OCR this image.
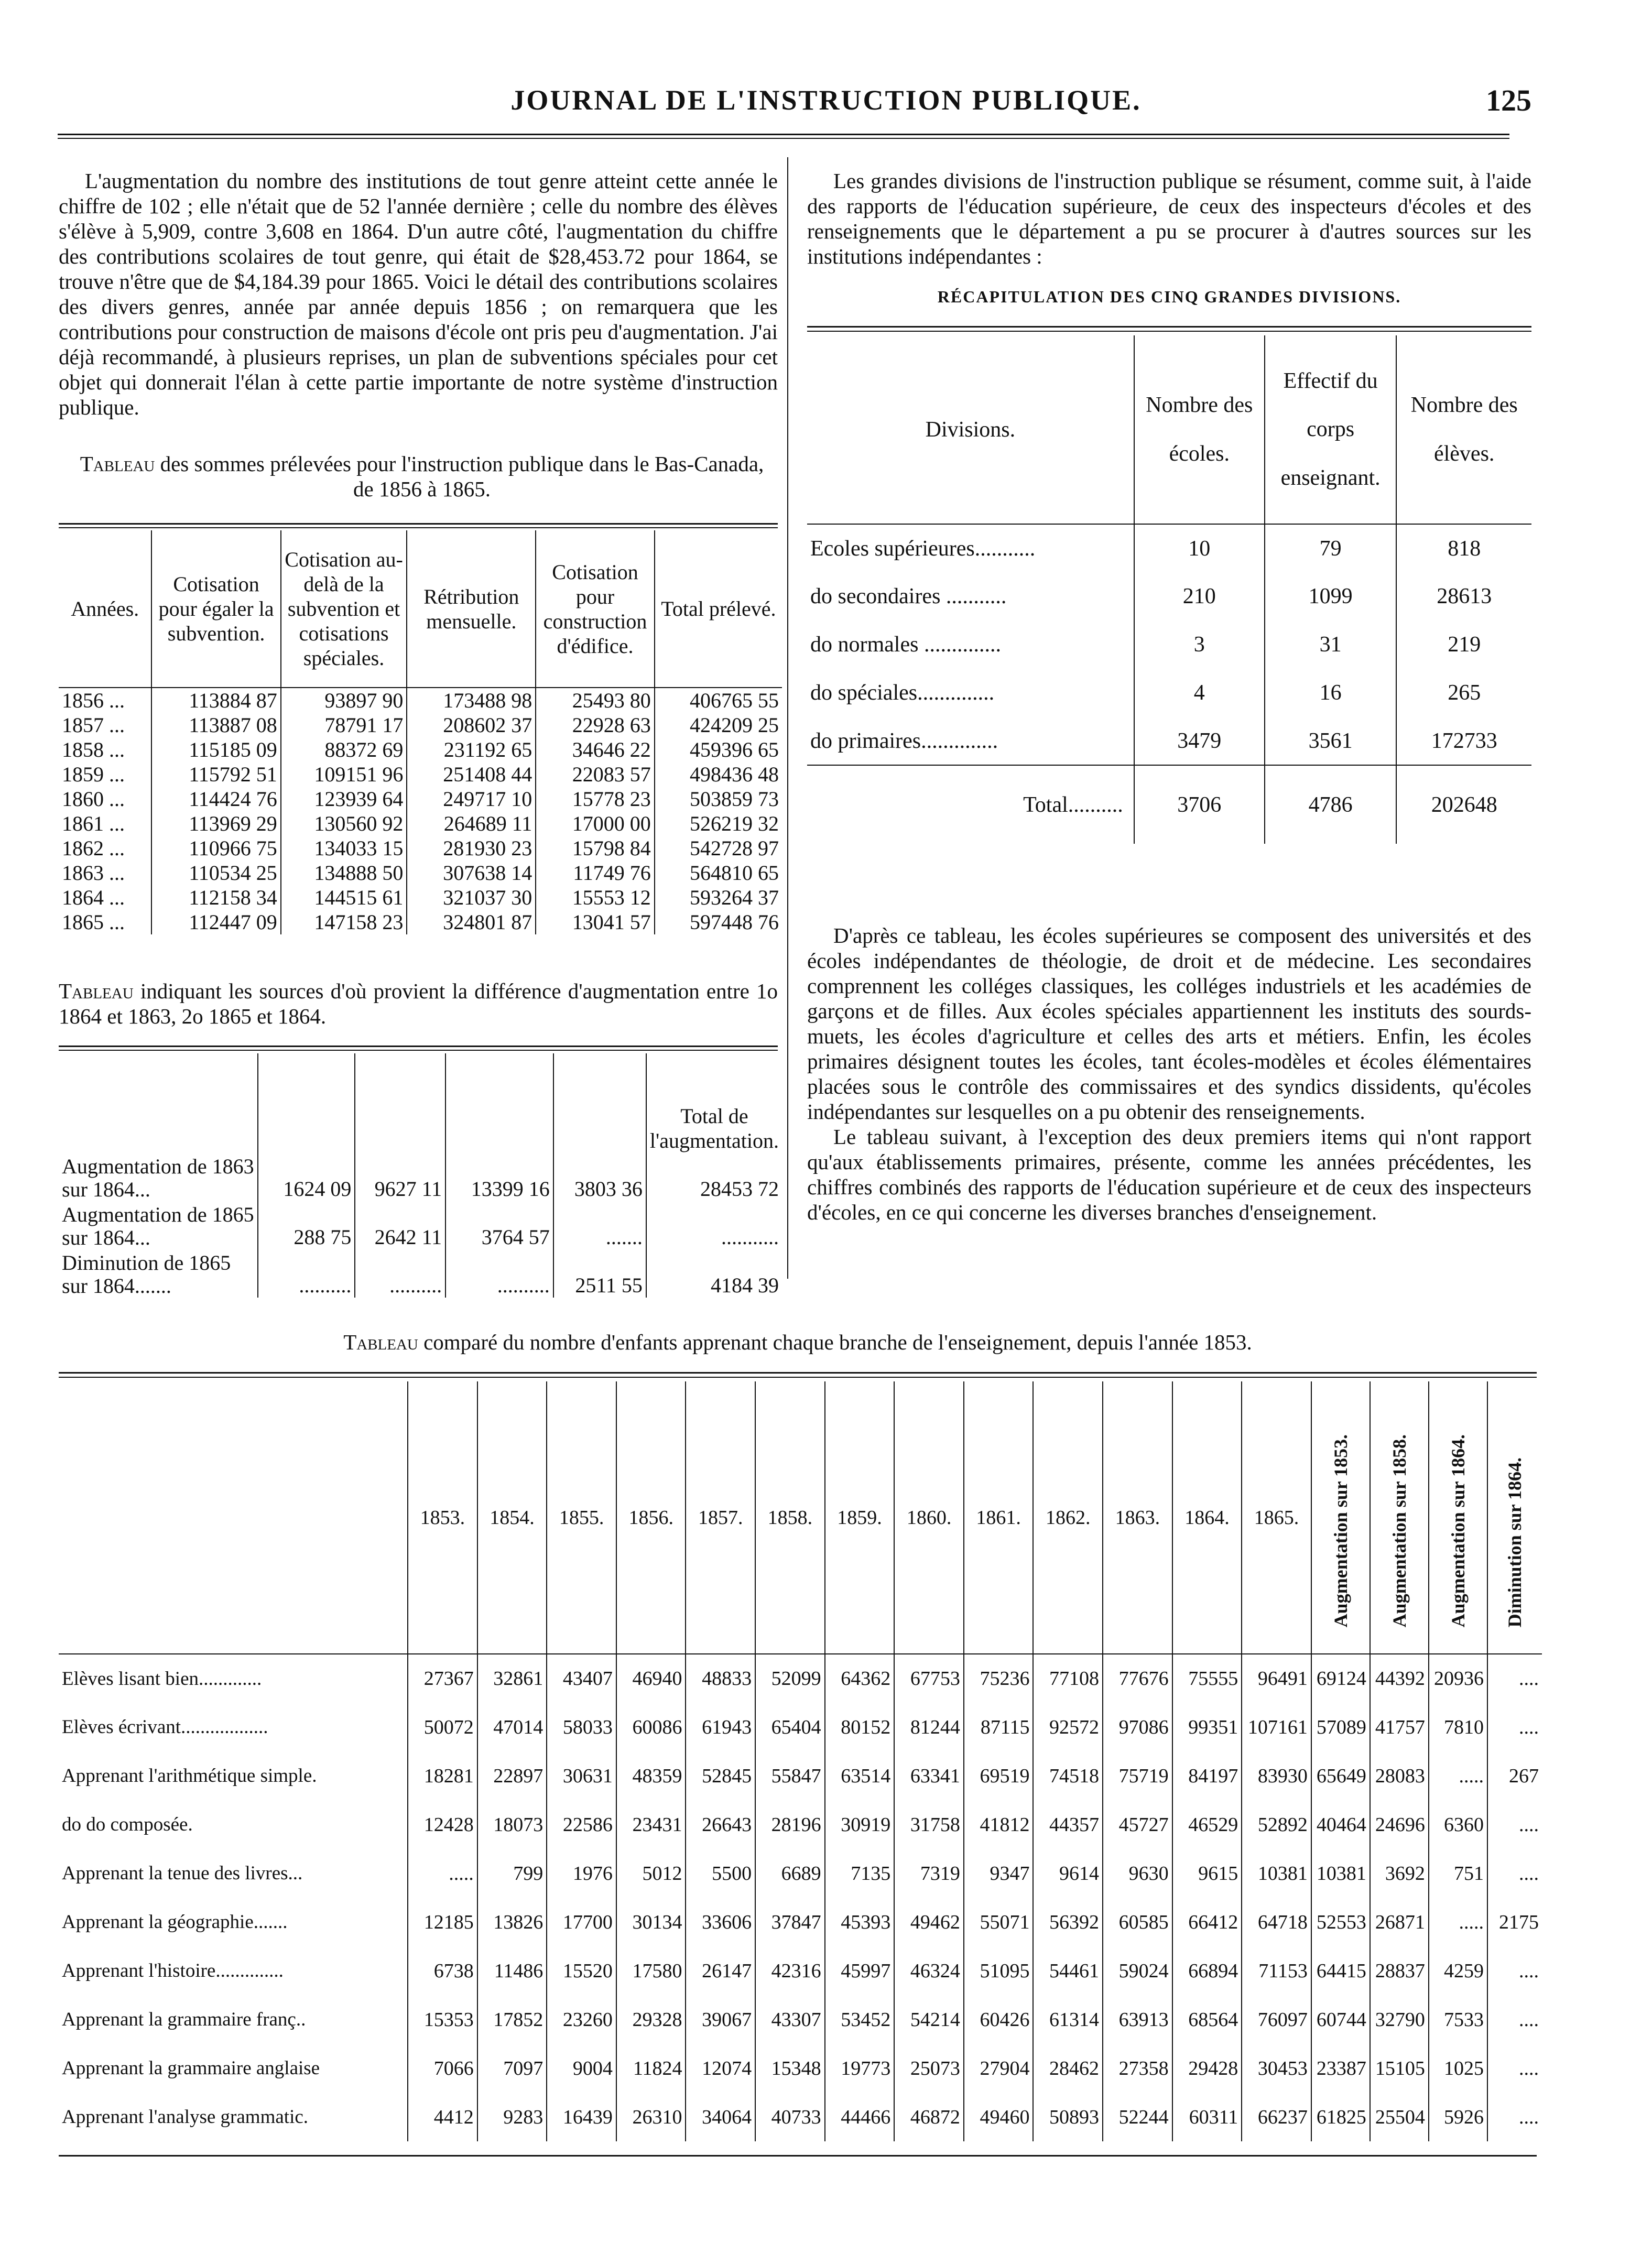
JOURNAL DE L'INSTRUCTION PUBLIQUE.	125

L'augmentation du nombre des institutions de tout genre atteint cette année le chiffre de 102 ; elle n'était que de 52 l'année dernière ; celle du nombre des élèves s'élève à 5,909, contre 3,608 en 1864. D'un autre côté, l'augmentation du chiffre des contributions scolaires de tout genre, qui était de $28,453.72 pour 1864, se trouve n'être que de $4,184.39 pour 1865. Voici le détail des contributions scolaires des divers genres, année par année depuis 1856 ; on remarquera que les contributions pour construction de maisons d'école ont pris peu d'augmentation. J'ai déjà recommandé, à plusieurs reprises, un plan de subventions spéciales pour cet objet qui donnerait l'élan à cette partie importante de notre système d'instruction publique.

Tableau des sommes prélevées pour l'instruction publique dans le Bas-Canada, de 1856 à 1865.
Années.	Cotisation pour égaler la subvention.	Cotisation au-delà de la subvention et cotisations spéciales.	Rétribution mensuelle.	Cotisation pour construction d'édifice.	Total prélevé.
1856 ...	113884 87	93897 90	173488 98	25493 80	406765 55
1857 ...	113887 08	78791 17	208602 37	22928 63	424209 25
1858 ...	115185 09	88372 69	231192 65	34646 22	459396 65
1859 ...	115792 51	109151 96	251408 44	22083 57	498436 48
1860 ...	114424 76	123939 64	249717 10	15778 23	503859 73
1861 ...	113969 29	130560 92	264689 11	17000 00	526219 32
1862 ...	110966 75	134033 15	281930 23	15798 84	542728 97
1863 ...	110534 25	134888 50	307638 14	11749 76	564810 65
1864 ...	112158 34	144515 61	321037 30	15553 12	593264 37
1865 ...	112447 09	147158 23	324801 87	13041 57	597448 76
Tableau indiquant les sources d'où provient la différence d'augmentation entre 1o 1864 et 1863, 2o 1865 et 1864.
					Total de l'augmentation.
Augmentation de 1863 sur 1864...	1624 09	9627 11	13399 16	3803 36	28453 72
Augmentation de 1865 sur 1864...	288 75	2642 11	3764 57	.......	...........
Diminution de 1865 sur 1864.......	..........	..........	..........	2511 55	4184 39

Les grandes divisions de l'instruction publique se résument, comme suit, à l'aide des rapports de l'éducation supérieure, de ceux des inspecteurs d'écoles et des renseignements que le département a pu se procurer à d'autres sources sur les institutions indépendantes :

RÉCAPITULATION DES CINQ GRANDES DIVISIONS.
Divisions.	Nombre des écoles.	Effectif du corps enseignant.	Nombre des élèves.
Ecoles supérieures...........	10	79	818
do secondaires ...........	210	1099	28613
do normales ..............	3	31	219
do spéciales..............	4	16	265
do primaires..............	3479	3561	172733
Total..........	3706	4786	202648

D'après ce tableau, les écoles supérieures se composent des universités et des écoles indépendantes de théologie, de droit et de médecine. Les secondaires comprennent les colléges classiques, les colléges industriels et les académies de garçons et de filles. Aux écoles spéciales appartiennent les instituts des sourds-muets, les écoles d'agriculture et celles des arts et métiers. Enfin, les écoles primaires désignent toutes les écoles, tant écoles-modèles et écoles élémentaires placées sous le contrôle des commissaires et des syndics dissidents, qu'écoles indépendantes sur lesquelles on a pu obtenir des renseignements.

Le tableau suivant, à l'exception des deux premiers items qui n'ont rapport qu'aux établissements primaires, présente, comme les années précédentes, les chiffres combinés des rapports de l'éducation supérieure et de ceux des inspecteurs d'écoles, en ce qui concerne les diverses branches d'enseignement.

Tableau comparé du nombre d'enfants apprenant chaque branche de l'enseignement, depuis l'année 1853.
	1853.	1854.	1855.	1856.	1857.	1858.	1859.	1860.	1861.	1862.	1863.	1864.	1865.	Augmentation sur 1853.	Augmentation sur 1858.	Augmentation sur 1864.	Diminution sur 1864.
Elèves lisant bien.............	27367	32861	43407	46940	48833	52099	64362	67753	75236	77108	77676	75555	96491	69124	44392	20936	....
Elèves écrivant..................	50072	47014	58033	60086	61943	65404	80152	81244	87115	92572	97086	99351	107161	57089	41757	7810	....
Apprenant l'arithmétique simple.	18281	22897	30631	48359	52845	55847	63514	63341	69519	74518	75719	84197	83930	65649	28083	.....	267
do do composée.	12428	18073	22586	23431	26643	28196	30919	31758	41812	44357	45727	46529	52892	40464	24696	6360	....
Apprenant la tenue des livres...	.....	799	1976	5012	5500	6689	7135	7319	9347	9614	9630	9615	10381	10381	3692	751	....
Apprenant la géographie.......	12185	13826	17700	30134	33606	37847	45393	49462	55071	56392	60585	66412	64718	52553	26871	.....	2175
Apprenant l'histoire..............	6738	11486	15520	17580	26147	42316	45997	46324	51095	54461	59024	66894	71153	64415	28837	4259	....
Apprenant la grammaire franç..	15353	17852	23260	29328	39067	43307	53452	54214	60426	61314	63913	68564	76097	60744	32790	7533	....
Apprenant la grammaire anglaise	7066	7097	9004	11824	12074	15348	19773	25073	27904	28462	27358	29428	30453	23387	15105	1025	....
Apprenant l'analyse grammatic.	4412	9283	16439	26310	34064	40733	44466	46872	49460	50893	52244	60311	66237	61825	25504	5926	....
